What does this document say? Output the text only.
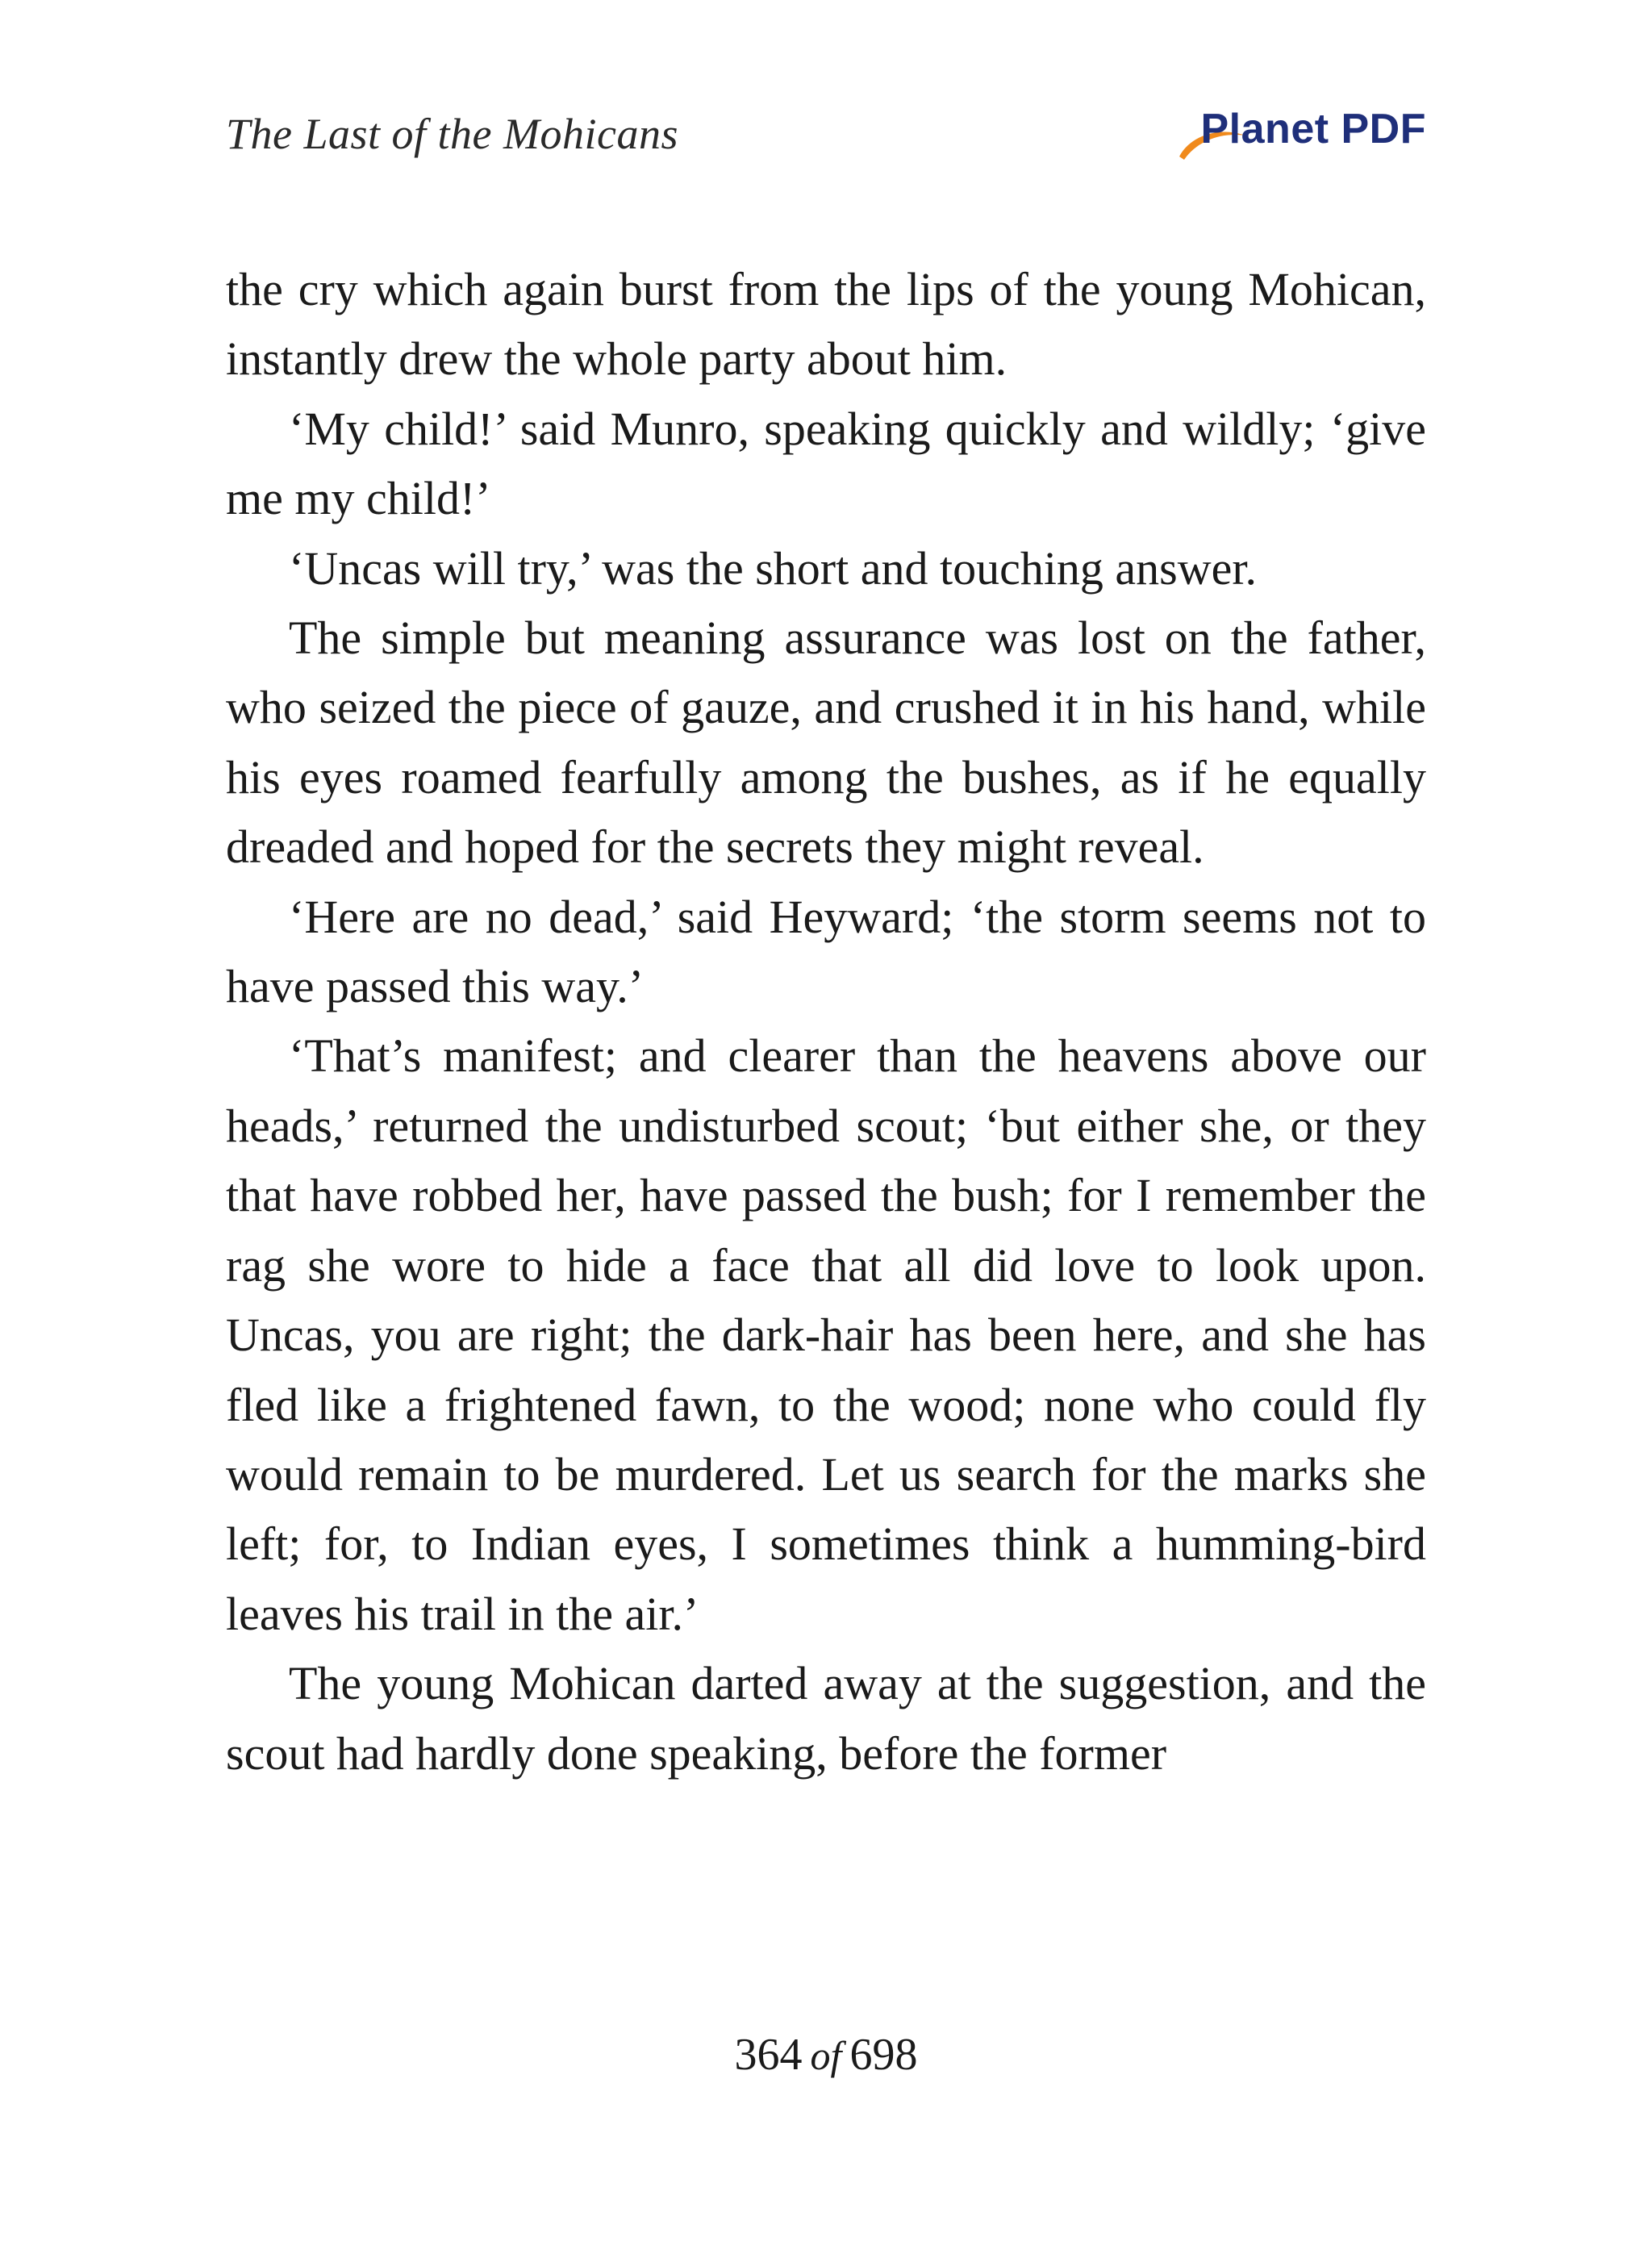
The Last of the Mohicans	Planet PDF

the cry which again burst from the lips of the young Mohican, instantly drew the whole party about him.

‘My child!’ said Munro, speaking quickly and wildly; ‘give me my child!’

‘Uncas will try,’ was the short and touching answer.

The simple but meaning assurance was lost on the father, who seized the piece of gauze, and crushed it in his hand, while his eyes roamed fearfully among the bushes, as if he equally dreaded and hoped for the secrets they might reveal.

‘Here are no dead,’ said Heyward; ‘the storm seems not to have passed this way.’

‘That’s manifest; and clearer than the heavens above our heads,’ returned the undisturbed scout; ‘but either she, or they that have robbed her, have passed the bush; for I remember the rag she wore to hide a face that all did love to look upon. Uncas, you are right; the dark-hair has been here, and she has fled like a frightened fawn, to the wood; none who could fly would remain to be murdered. Let us search for the marks she left; for, to Indian eyes, I sometimes think a humming-bird leaves his trail in the air.’

The young Mohican darted away at the suggestion, and the scout had hardly done speaking, before the former

364 of 698
